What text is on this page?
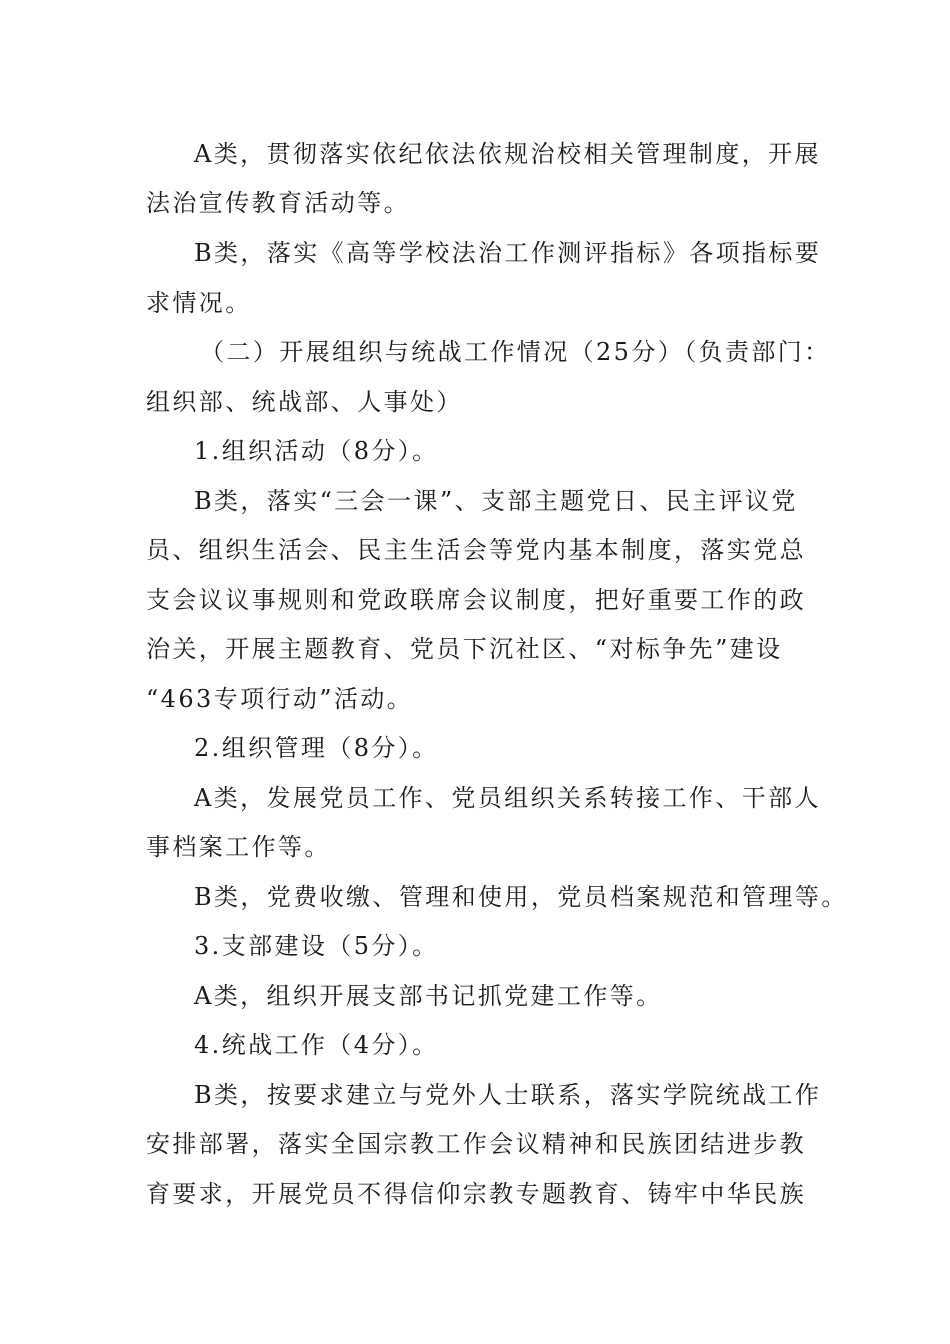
A类，贯彻落实依纪依法依规治校相关管理制度，开展
法治宣传教育活动等。
B类，落实《高等学校法治工作测评指标》各项指标要
求情况。
（二）开展组织与统战工作情况（25分）（负责部门：
组织部、统战部、人事处）
1.组织活动（8分）。
B类，落实“三会一课”、支部主题党日、民主评议党
员、组织生活会、民主生活会等党内基本制度，落实党总
支会议议事规则和党政联席会议制度，把好重要工作的政
治关，开展主题教育、党员下沉社区、“对标争先”建设
“463专项行动”活动。
2.组织管理（8分）。
A类，发展党员工作、党员组织关系转接工作、干部人
事档案工作等。
B类，党费收缴、管理和使用，党员档案规范和管理等。
3.支部建设（5分）。
A类，组织开展支部书记抓党建工作等。
4.统战工作（4分）。
B类，按要求建立与党外人士联系，落实学院统战工作
安排部署，落实全国宗教工作会议精神和民族团结进步教
育要求，开展党员不得信仰宗教专题教育、铸牢中华民族
